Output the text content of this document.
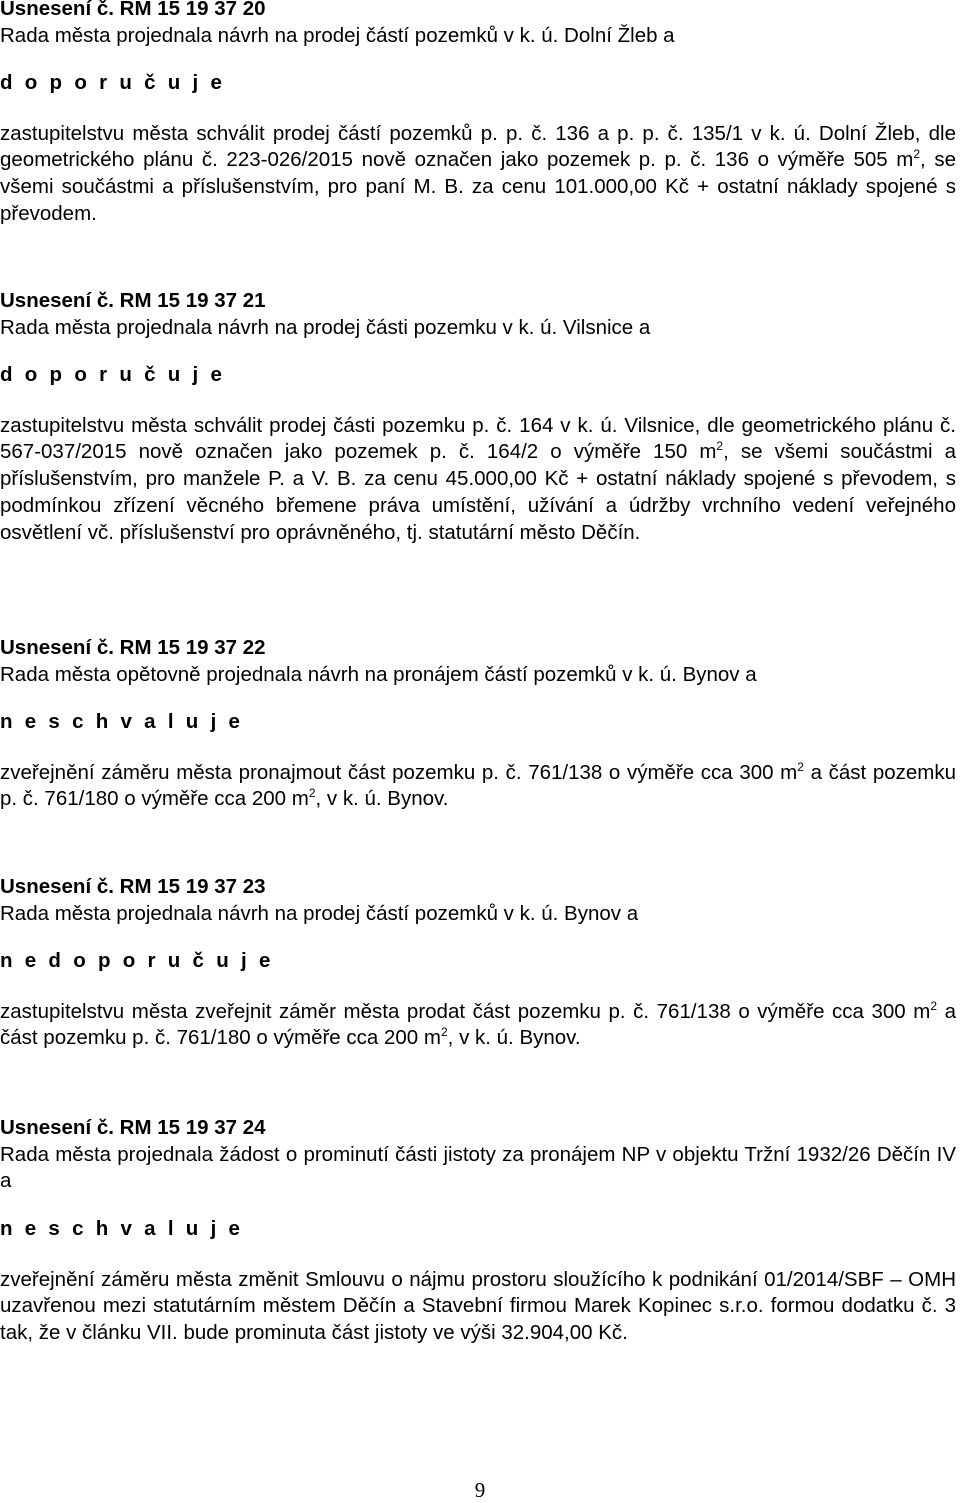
Usnesení č. RM 15 19 37 20
Rada města projednala návrh na prodej částí pozemků v k. ú. Dolní Žleb a
d o p o r u č u j e
zastupitelstvu města schválit prodej částí pozemků p. p. č. 136 a p. p. č. 135/1 v k. ú. Dolní Žleb, dle geometrického plánu č. 223-026/2015 nově označen jako pozemek p. p. č. 136 o výměře 505 $m^2$, se všemi součástmi a příslušenstvím, pro paní M. B. za cenu 101.000,00 Kč + ostatní náklady spojené s převodem.
Usnesení č. RM 15 19 37 21
Rada města projednala návrh na prodej části pozemku v k. ú. Vilsnice a
d o p o r u č u j e
zastupitelstvu města schválit prodej části pozemku p. č. 164 v k. ú. Vilsnice, dle geometrického plánu č. 567-037/2015 nově označen jako pozemek p. č. 164/2 o výměře 150 $m^2$, se všemi součástmi a příslušenstvím, pro manžele P. a V. B. za cenu 45.000,00 Kč + ostatní náklady spojené s převodem, s podmínkou zřízení věcného břemene práva umístění, užívání a údržby vrchního vedení veřejného osvětlení vč. příslušenství pro oprávněného, tj. statutární město Děčín.
Usnesení č. RM 15 19 37 22
Rada města opětovně projednala návrh na pronájem částí pozemků v k. ú. Bynov a
n e s c h v a l u j e
zveřejnění záměru města pronajmout část pozemku p. č. 761/138 o výměře cca 300 $m^2$ a část pozemku p. č. 761/180 o výměře cca 200 $m^2$, v k. ú. Bynov.
Usnesení č. RM 15 19 37 23
Rada města projednala návrh na prodej částí pozemků v k. ú. Bynov a
n e d o p o r u č u j e
zastupitelstvu města zveřejnit záměr města prodat část pozemku p. č. 761/138 o výměře cca 300 $m^2$ a část pozemku p. č. 761/180 o výměře cca 200 $m^2$, v k. ú. Bynov.
Usnesení č. RM 15 19 37 24
Rada města projednala žádost o prominutí části jistoty za pronájem NP v objektu Tržní 1932/26 Děčín IV a
n e s c h v a l u j e
zveřejnění záměru města změnit Smlouvu o nájmu prostoru sloužícího k podnikání 01/2014/SBF – OMH uzavřenou mezi statutárním městem Děčín a Stavební firmou Marek Kopinec s.r.o. formou dodatku č. 3 tak, že v článku VII. bude prominuta část jistoty ve výši 32.904,00 Kč.
9
